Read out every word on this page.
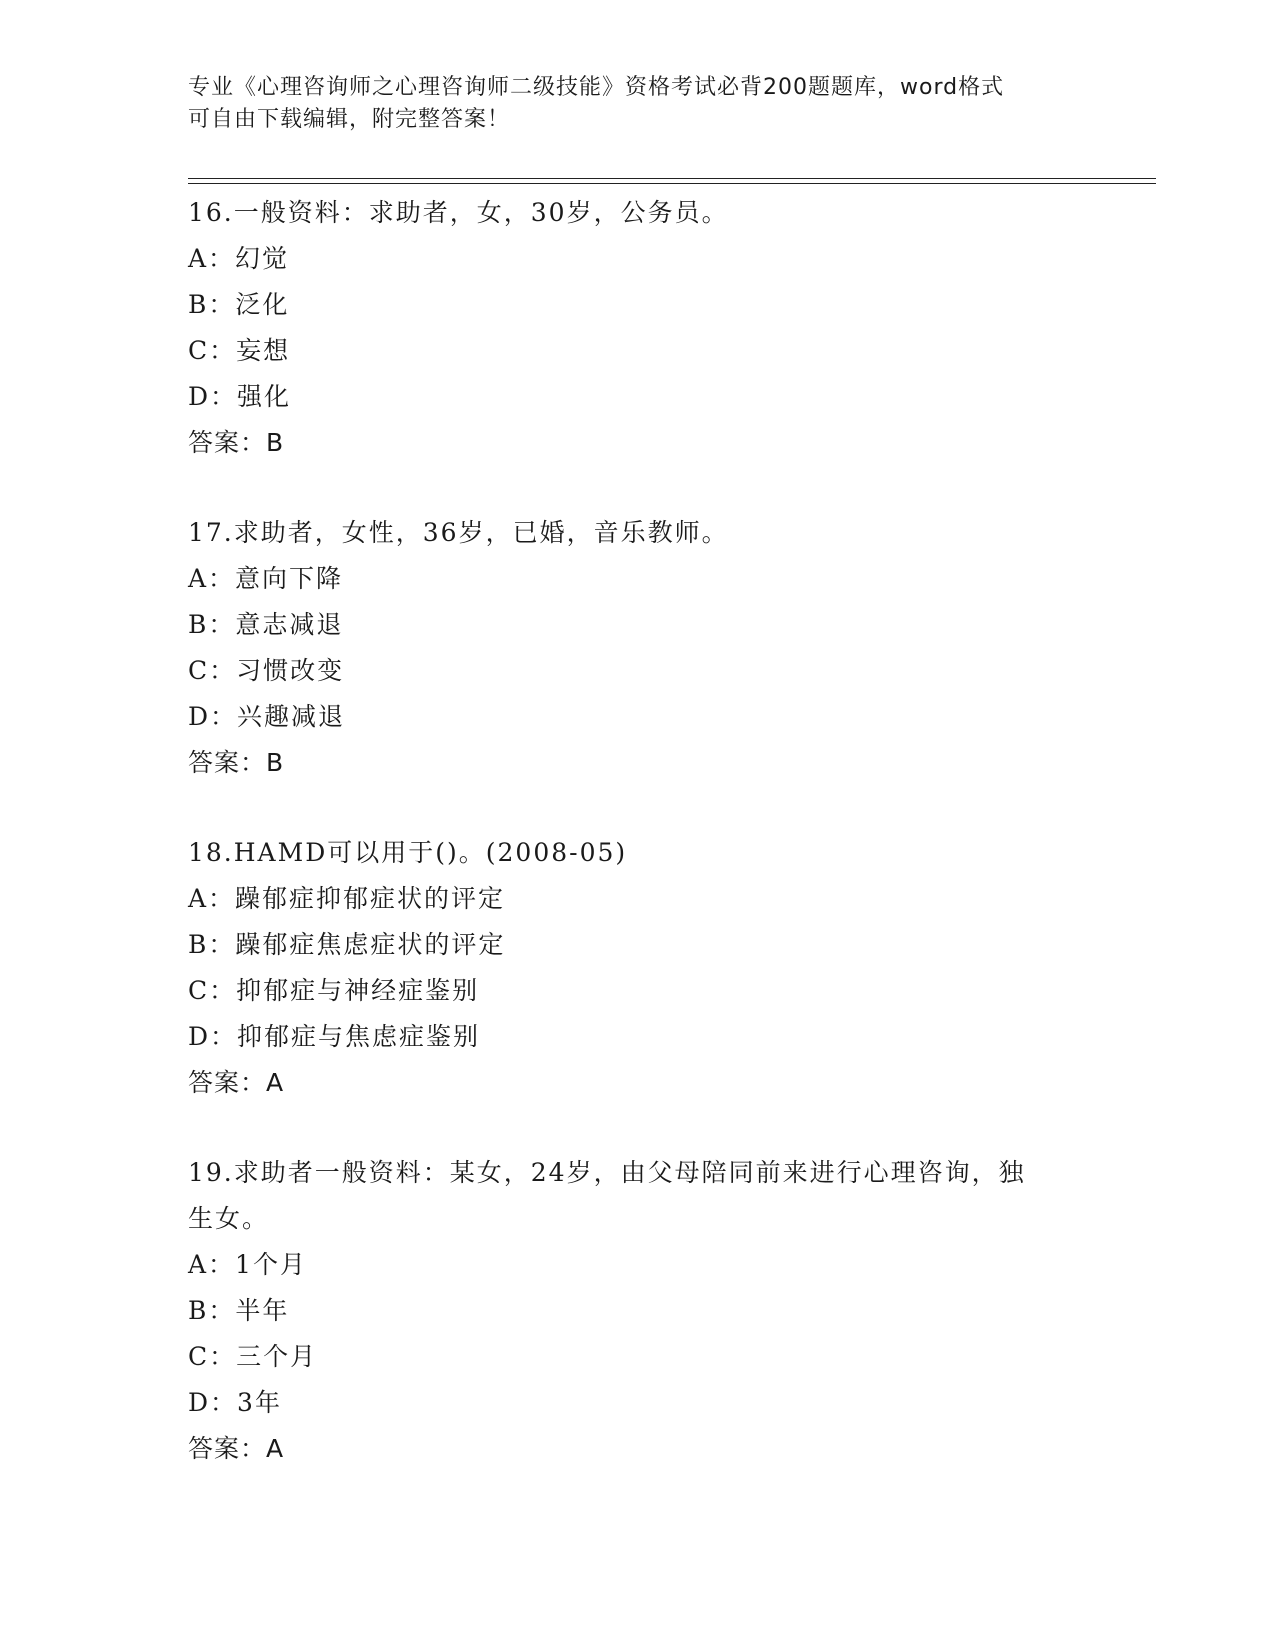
专业《心理咨询师之心理咨询师二级技能》资格考试必背200题题库，word格式
可自由下载编辑，附完整答案！

16.一般资料：求助者，女，30岁，公务员。

A：幻觉
B：泛化
C：妄想
D：强化
答案：B

17.求助者，女性，36岁，已婚，音乐教师。

A：意向下降
B：意志减退
C：习惯改变
D：兴趣减退
答案：B

18.HAMD可以用于()。(2008-05)

A：躁郁症抑郁症状的评定
B：躁郁症焦虑症状的评定
C：抑郁症与神经症鉴别
D：抑郁症与焦虑症鉴别
答案：A
19.求助者一般资料：某女，24岁，由父母陪同前来进行心理咨询，独
生女。
A：1个月
B：半年
C：三个月
D：3年
答案：A
